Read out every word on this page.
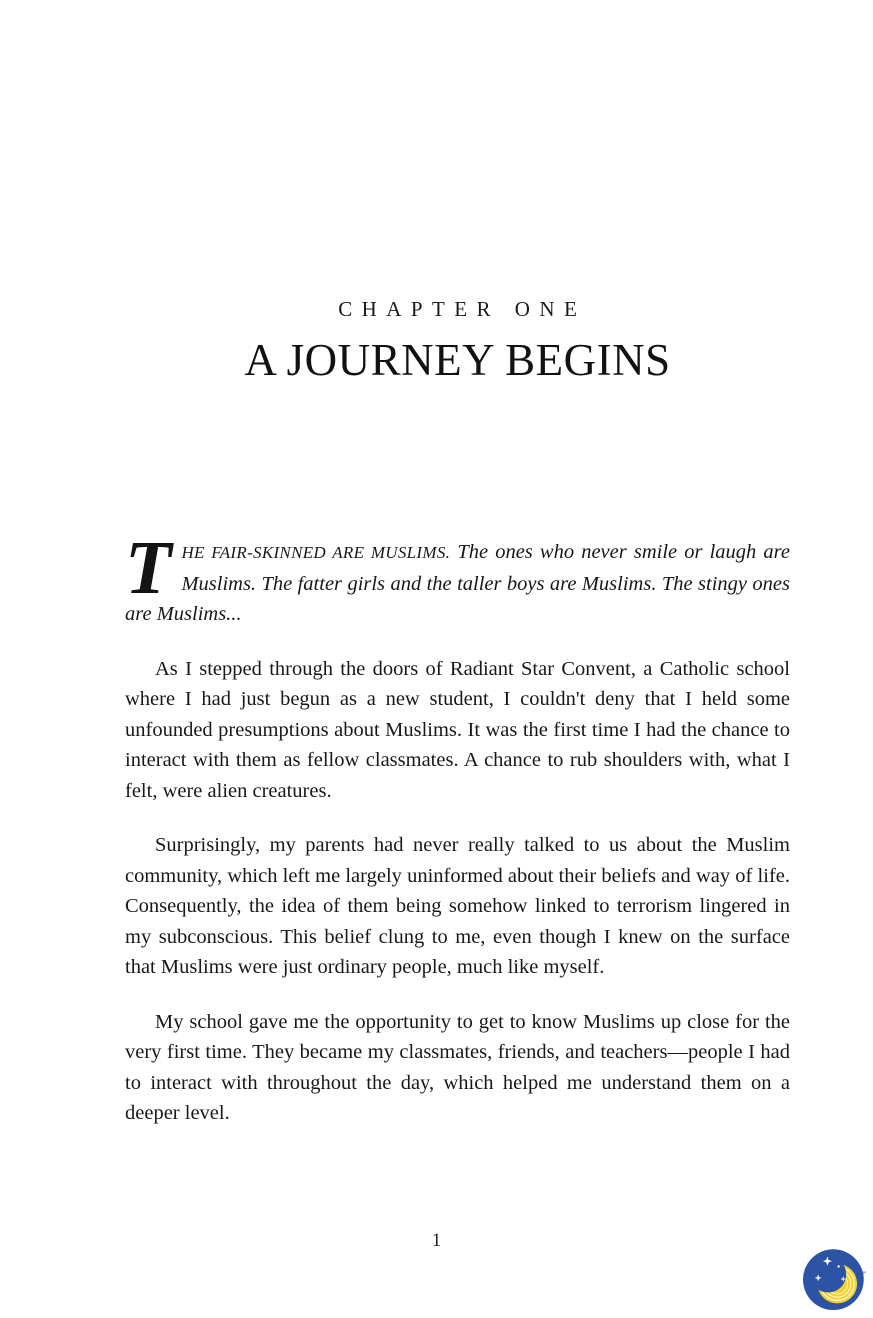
CHAPTER ONE
A JOURNEY BEGINS

THE FAIR-SKINNED ARE MUSLIMS. The ones who never smile or laugh are Muslims. The fatter girls and the taller boys are Muslims. The stingy ones are Muslims...

As I stepped through the doors of Radiant Star Convent, a Catholic school where I had just begun as a new student, I couldn't deny that I held some unfounded presumptions about Muslims. It was the first time I had the chance to interact with them as fellow classmates. A chance to rub shoulders with, what I felt, were alien creatures.

Surprisingly, my parents had never really talked to us about the Muslim community, which left me largely uninformed about their beliefs and way of life. Consequently, the idea of them being somehow linked to terrorism lingered in my subconscious. This belief clung to me, even though I knew on the surface that Muslims were just ordinary people, much like myself.

My school gave me the opportunity to get to know Muslims up close for the very first time. They became my classmates, friends, and teachers—people I had to interact with throughout the day, which helped me understand them on a deeper level.

1
